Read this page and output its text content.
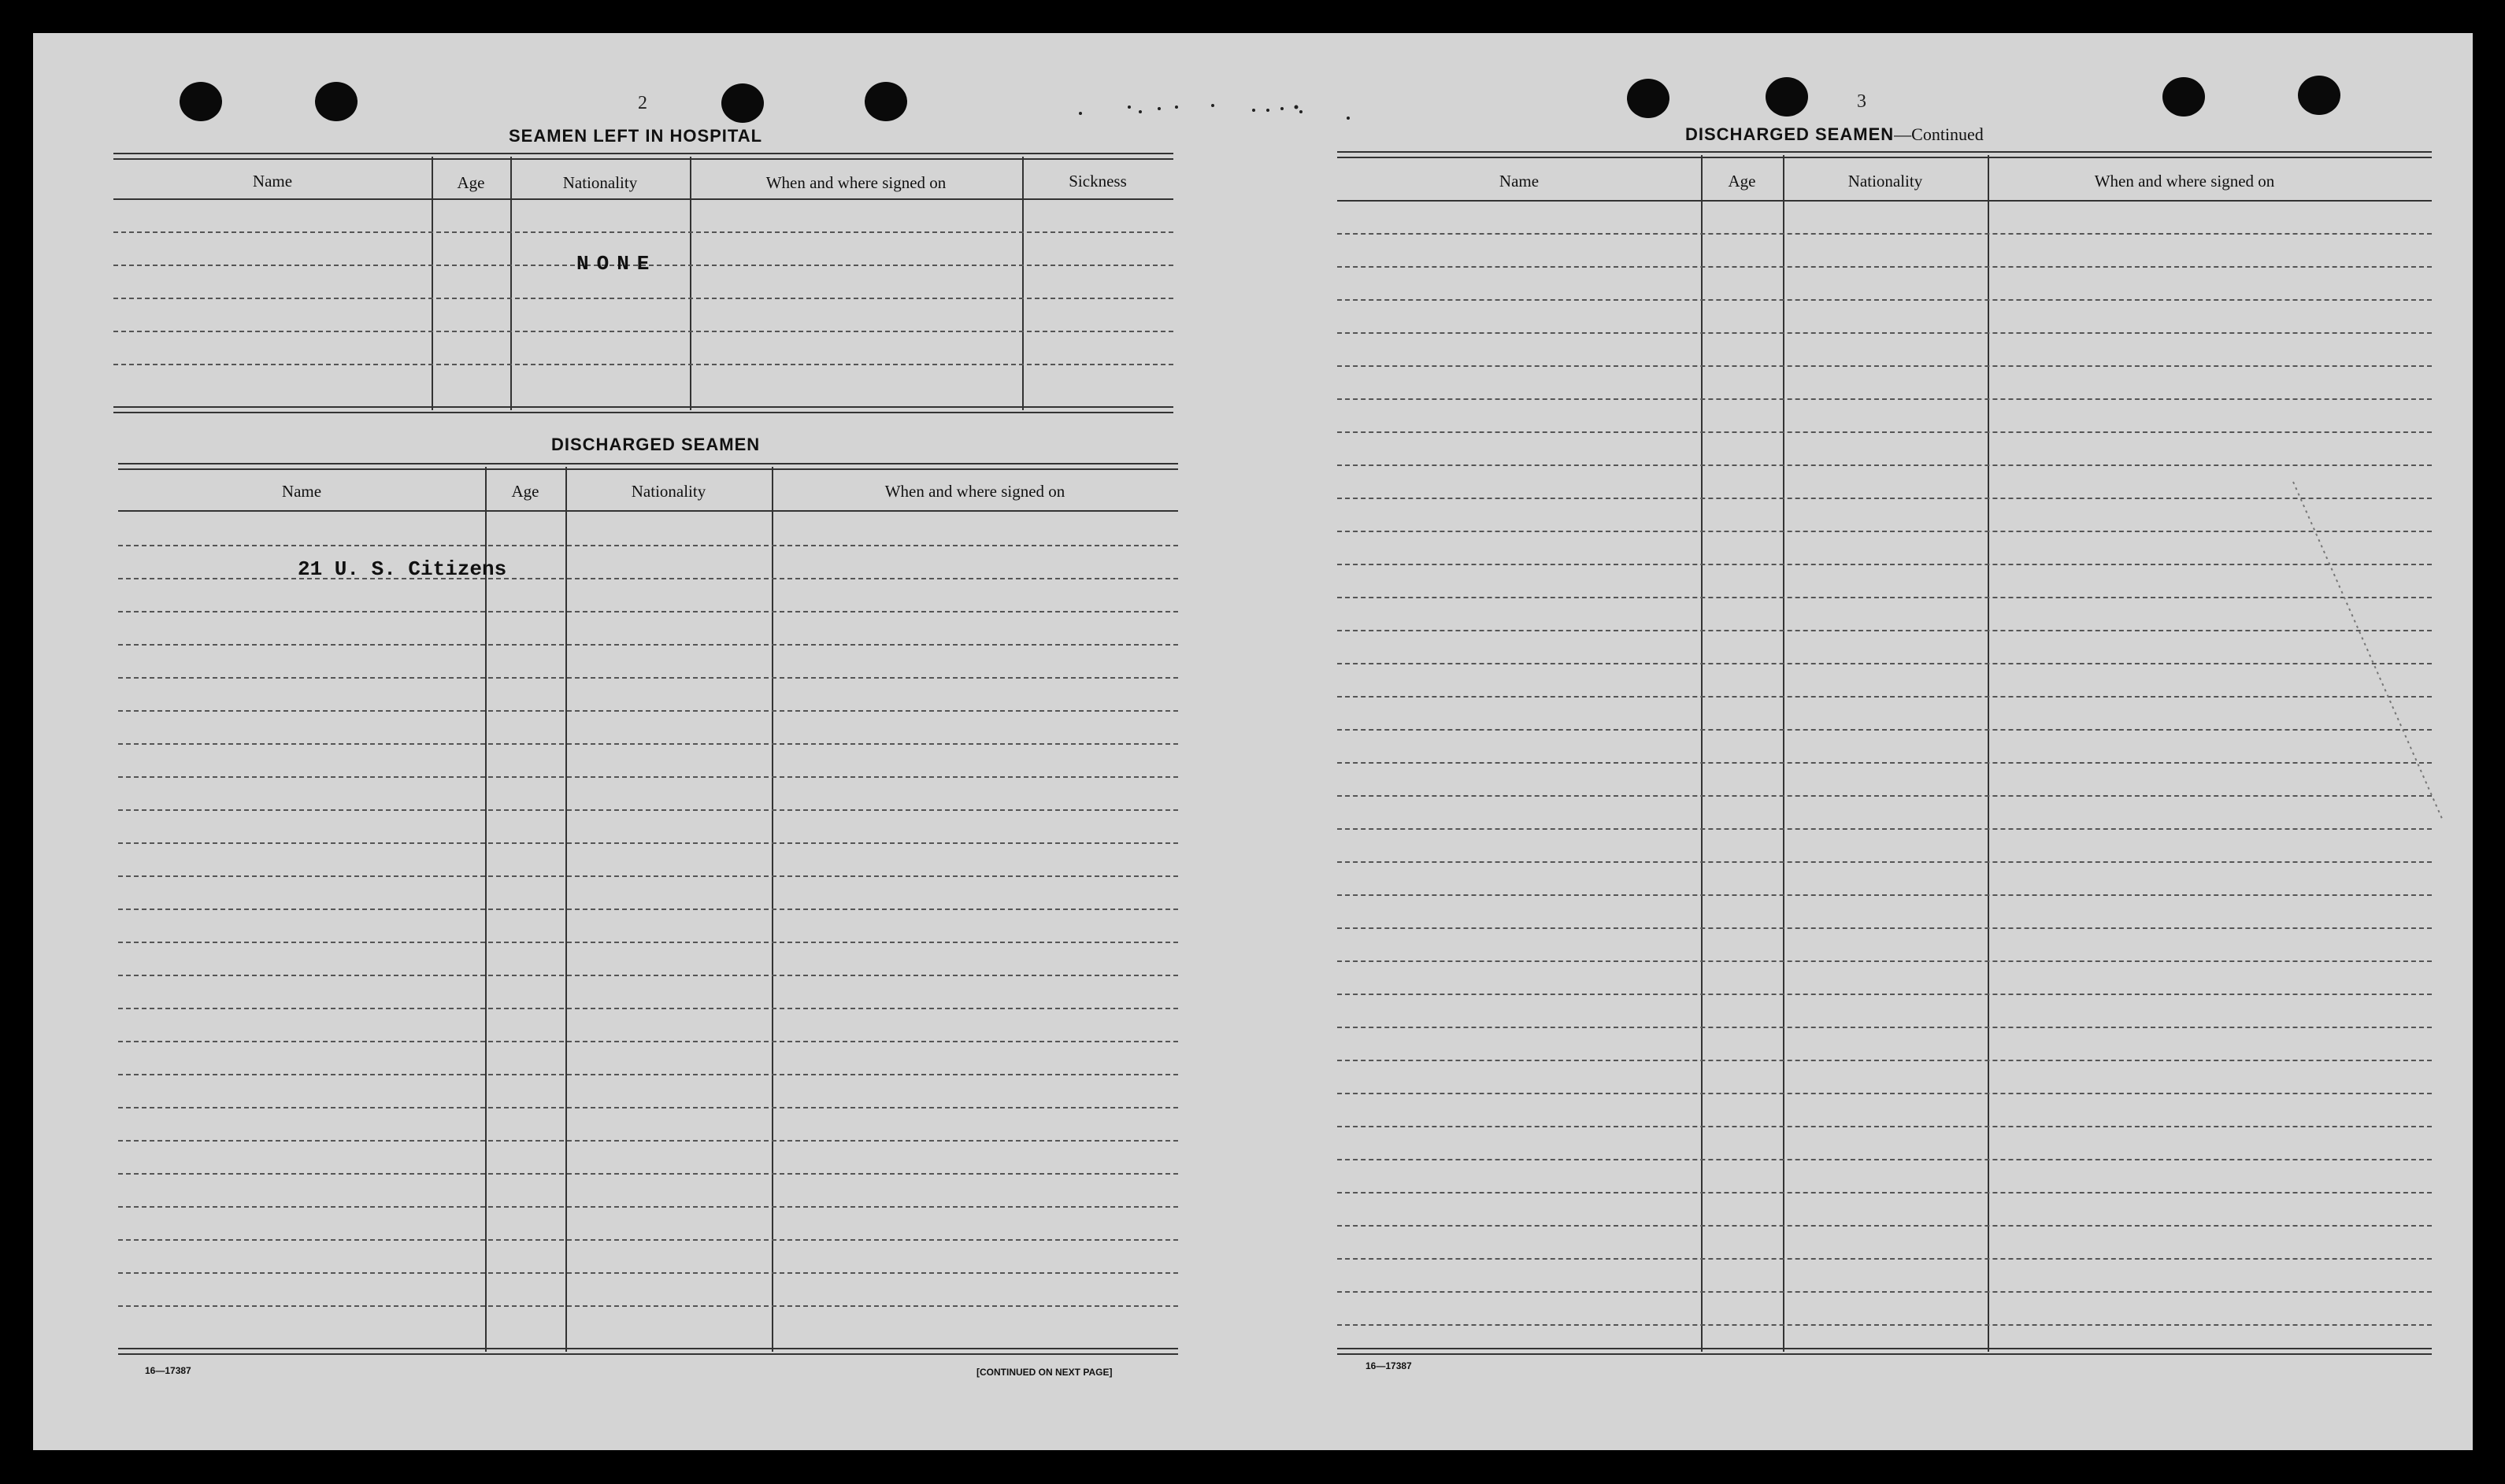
2
SEAMEN LEFT IN HOSPITAL
Name	Age	Nationality	When and where signed on	Sickness
NONE
DISCHARGED SEAMEN
Name	Age	Nationality	When and where signed on
21 U. S. Citizens
16—17387	[CONTINUED ON NEXT PAGE]
3
DISCHARGED SEAMEN—Continued
Name	Age	Nationality	When and where signed on
16—17387
